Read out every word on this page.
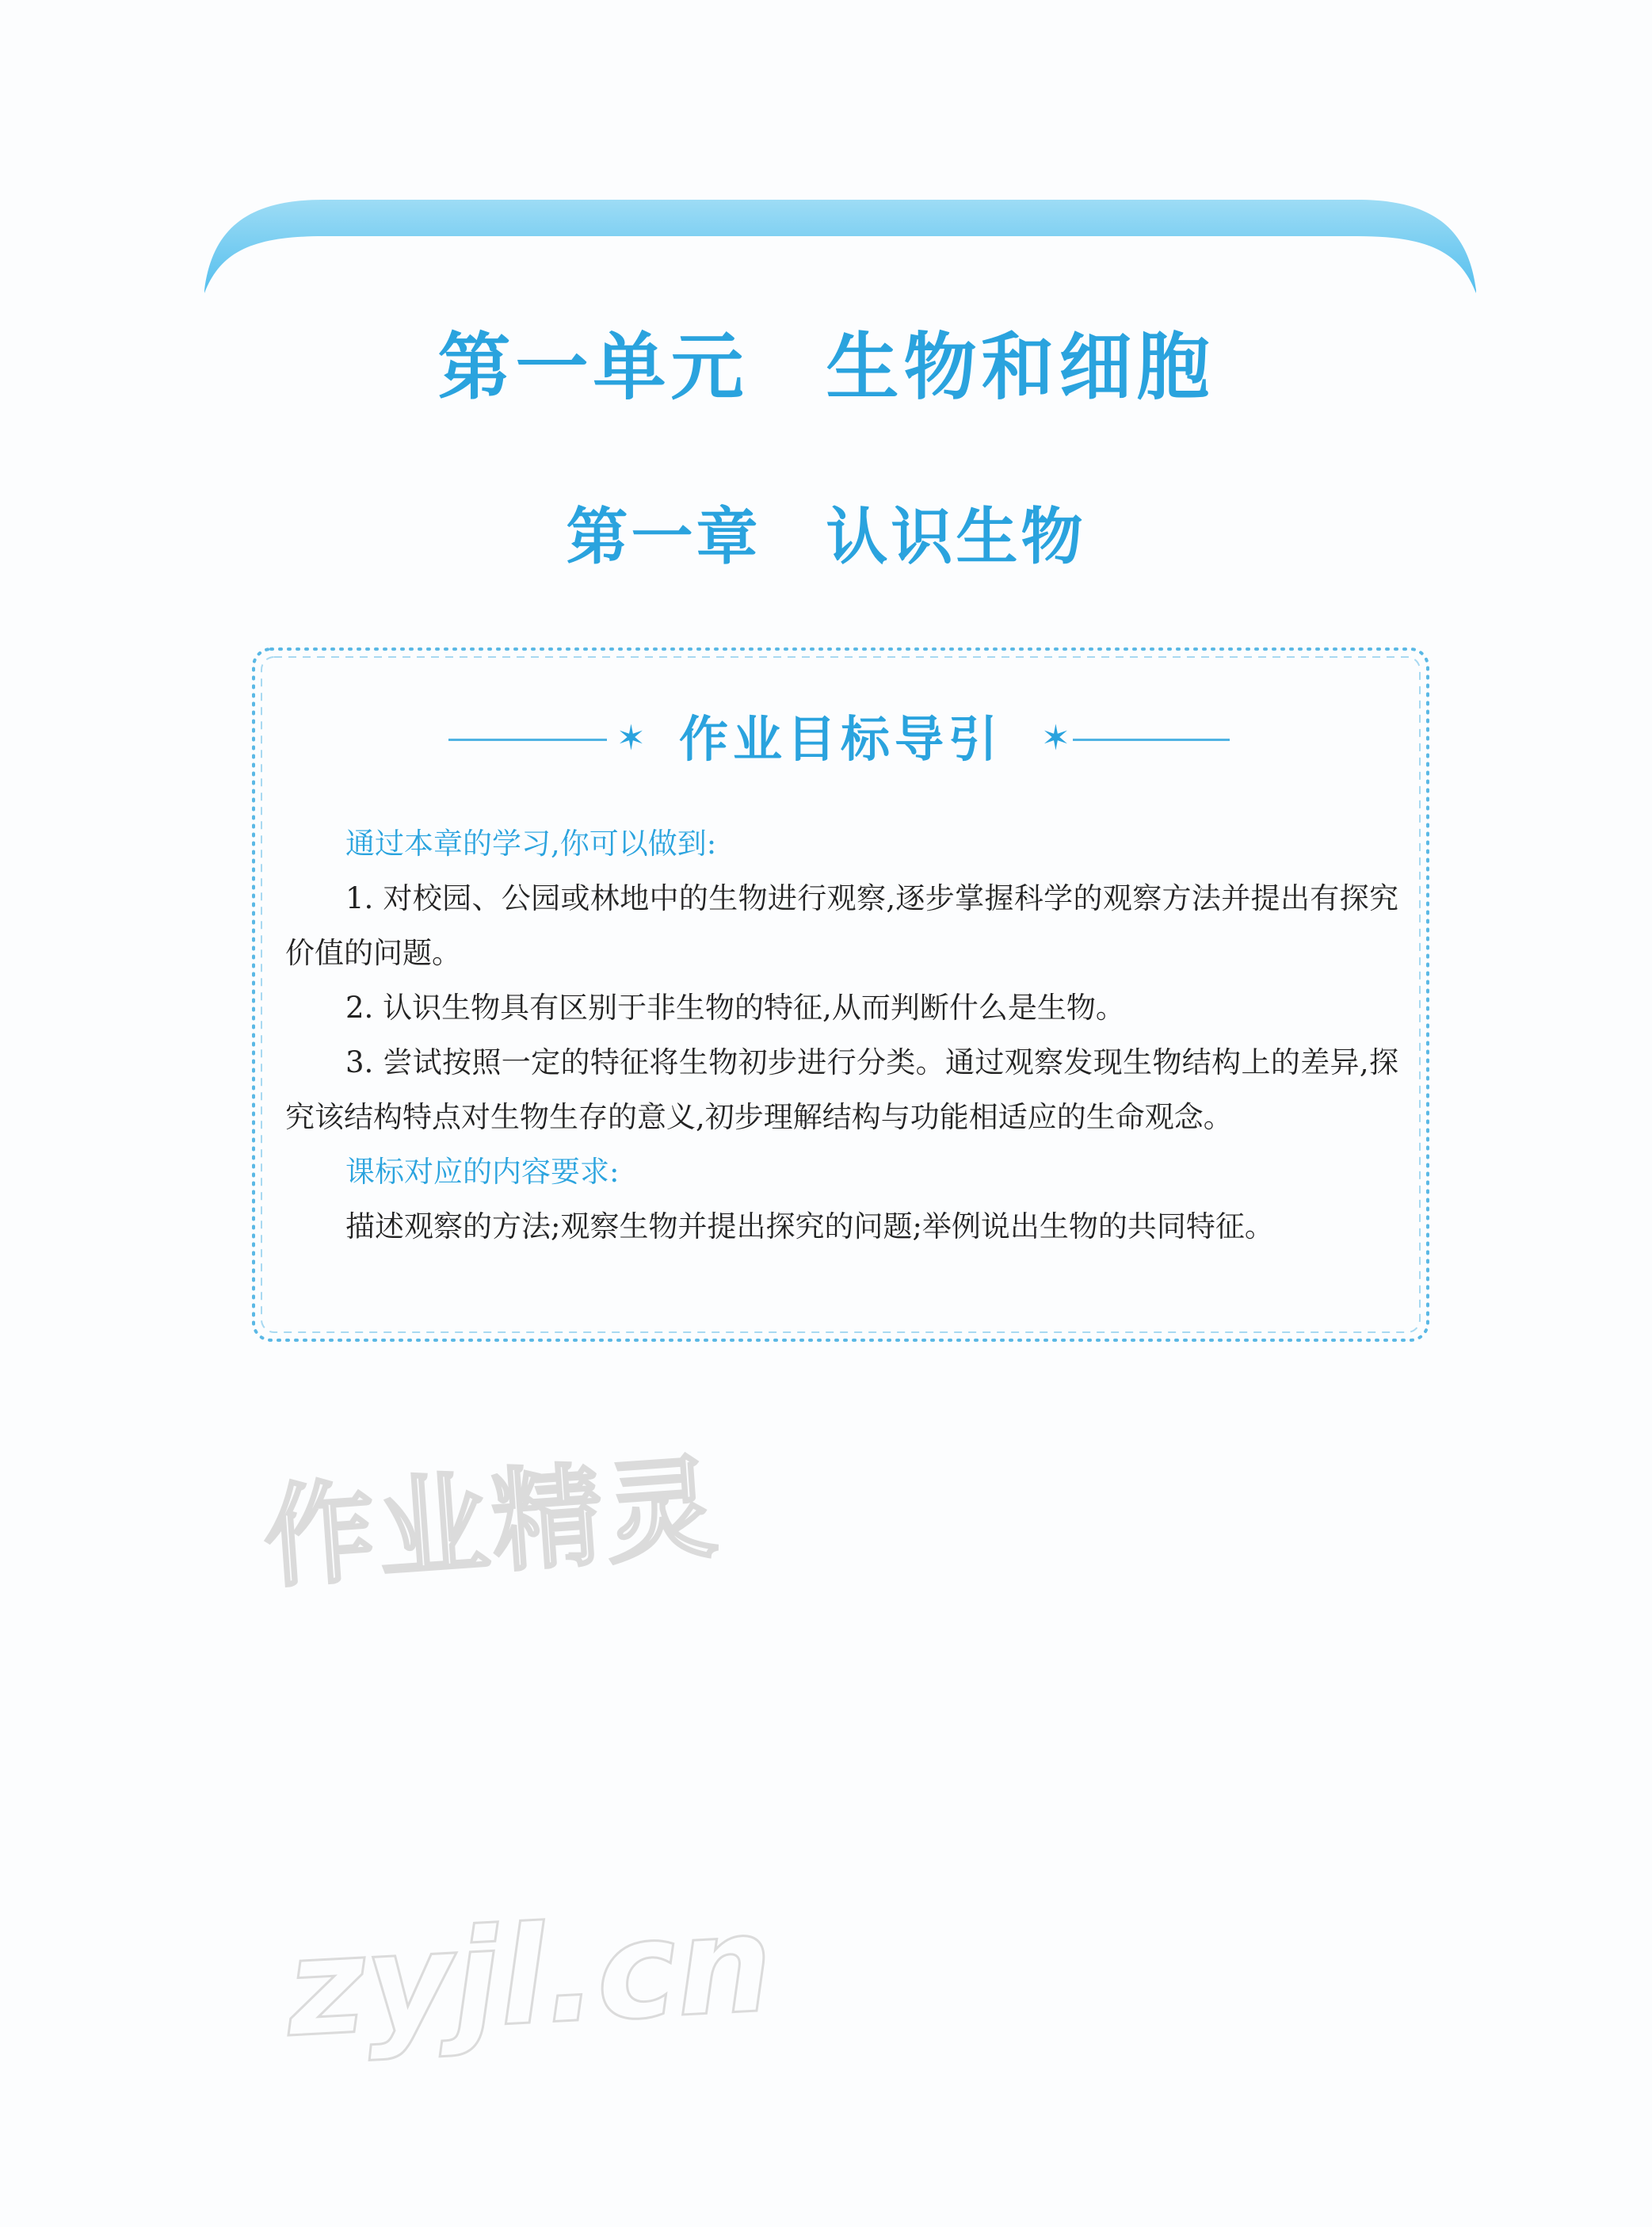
第一单元　生物和细胞
第一章　认识生物
✶ 作业目标导引	✶

通过本章的学习,你可以做到:

1. 对校园、公园或林地中的生物进行观察,逐步掌握科学的观察方法并提出有探究价值的问题。

2. 认识生物具有区别于非生物的特征,从而判断什么是生物。

3. 尝试按照一定的特征将生物初步进行分类。通过观察发现生物结构上的差异,探究该结构特点对生物生存的意义,初步理解结构与功能相适应的生命观念。

课标对应的内容要求:

描述观察的方法;观察生物并提出探究的问题;举例说出生物的共同特征。

作业精灵
zyjl.cn
